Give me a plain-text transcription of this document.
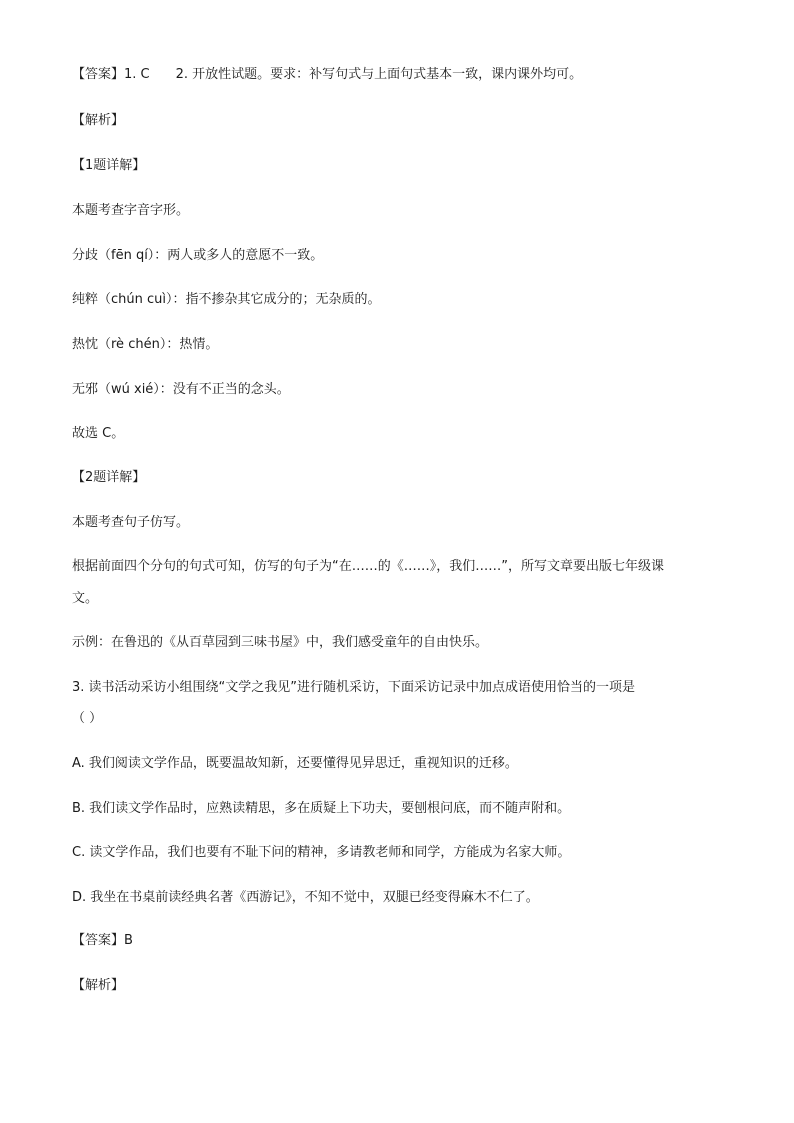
【答案】1. C 2. 开放性试题。要求：补写句式与上面句式基本一致，课内课外均可。
【解析】
【1题详解】
本题考查字音字形。
分歧（fēn qí）：两人或多人的意愿不一致。
纯粹（chún cuì）：指不掺杂其它成分的；无杂质的。
热忱（rè chén）：热情。
无邪（wú xié）：没有不正当的念头。
故选 C。
【2题详解】
本题考查句子仿写。
根据前面四个分句的句式可知，仿写的句子为“在……的《……》，我们……”，所写文章要出版七年级课
文。
示例：在鲁迅的《从百草园到三味书屋》中，我们感受童年的自由快乐。
3. 读书活动采访小组围绕“文学之我见”进行随机采访，下面采访记录中加点成语使用恰当的一项是
（ ）
A. 我们阅读文学作品，既要温故知新，还要懂得见异思迁，重视知识的迁移。
B. 我们读文学作品时，应熟读精思，多在质疑上下功夫，要刨根问底，而不随声附和。
C. 读文学作品，我们也要有不耻下问的精神，多请教老师和同学，方能成为名家大师。
D. 我坐在书桌前读经典名著《西游记》，不知不觉中，双腿已经变得麻木不仁了。
【答案】B
【解析】
